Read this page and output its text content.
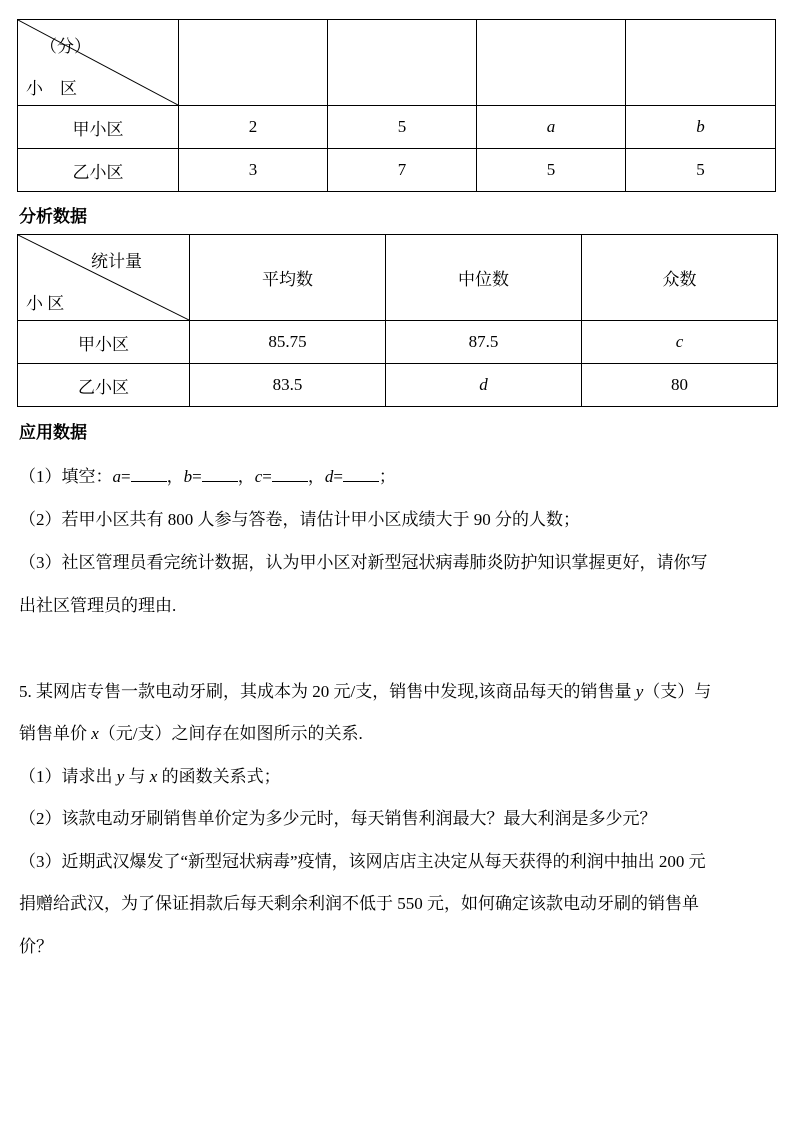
（分）
小　区				

甲小区	2	5	a	b
乙小区	3	7	5	5
分析数据
统计量
小 区	平均数	中位数	众数
甲小区	85.75	87.5	c
乙小区	83.5	d	80
应用数据
（1）填空：a= ，b= ，c= ，d= ；
（2）若甲小区共有 800 人参与答卷，请估计甲小区成绩大于 90 分的人数；
（3）社区管理员看完统计数据，认为甲小区对新型冠状病毒肺炎防护知识掌握更好，请你写
出社区管理员的理由.
5. 某网店专售一款电动牙刷，其成本为 20 元/支，销售中发现,该商品每天的销售量 y（支）与
销售单价 x（元/支）之间存在如图所示的关系.
（1）请求出 y 与 x 的函数关系式；
（2）该款电动牙刷销售单价定为多少元时，每天销售利润最大？最大利润是多少元？
（3）近期武汉爆发了“新型冠状病毒”疫情，该网店店主决定从每天获得的利润中抽出 200 元
捐赠给武汉，为了保证捐款后每天剩余利润不低于 550 元，如何确定该款电动牙刷的销售单
价？
